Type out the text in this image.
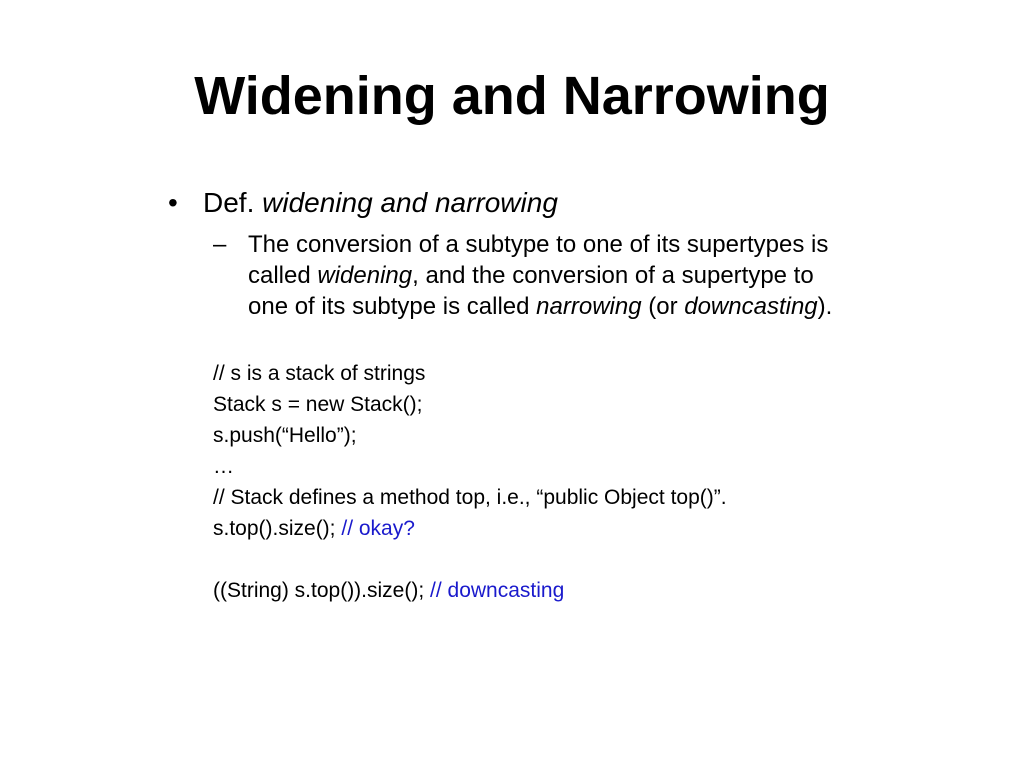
Widening and Narrowing
• Def. widening and narrowing
– The conversion of a subtype to one of its supertypes is
called widening, and the conversion of a supertype to
one of its subtype is called narrowing (or downcasting).
// s is a stack of strings
Stack s = new Stack();
s.push(“Hello”);
…
// Stack defines a method top, i.e., “public Object top()”.
s.top().size(); // okay?
((String) s.top()).size(); // downcasting
